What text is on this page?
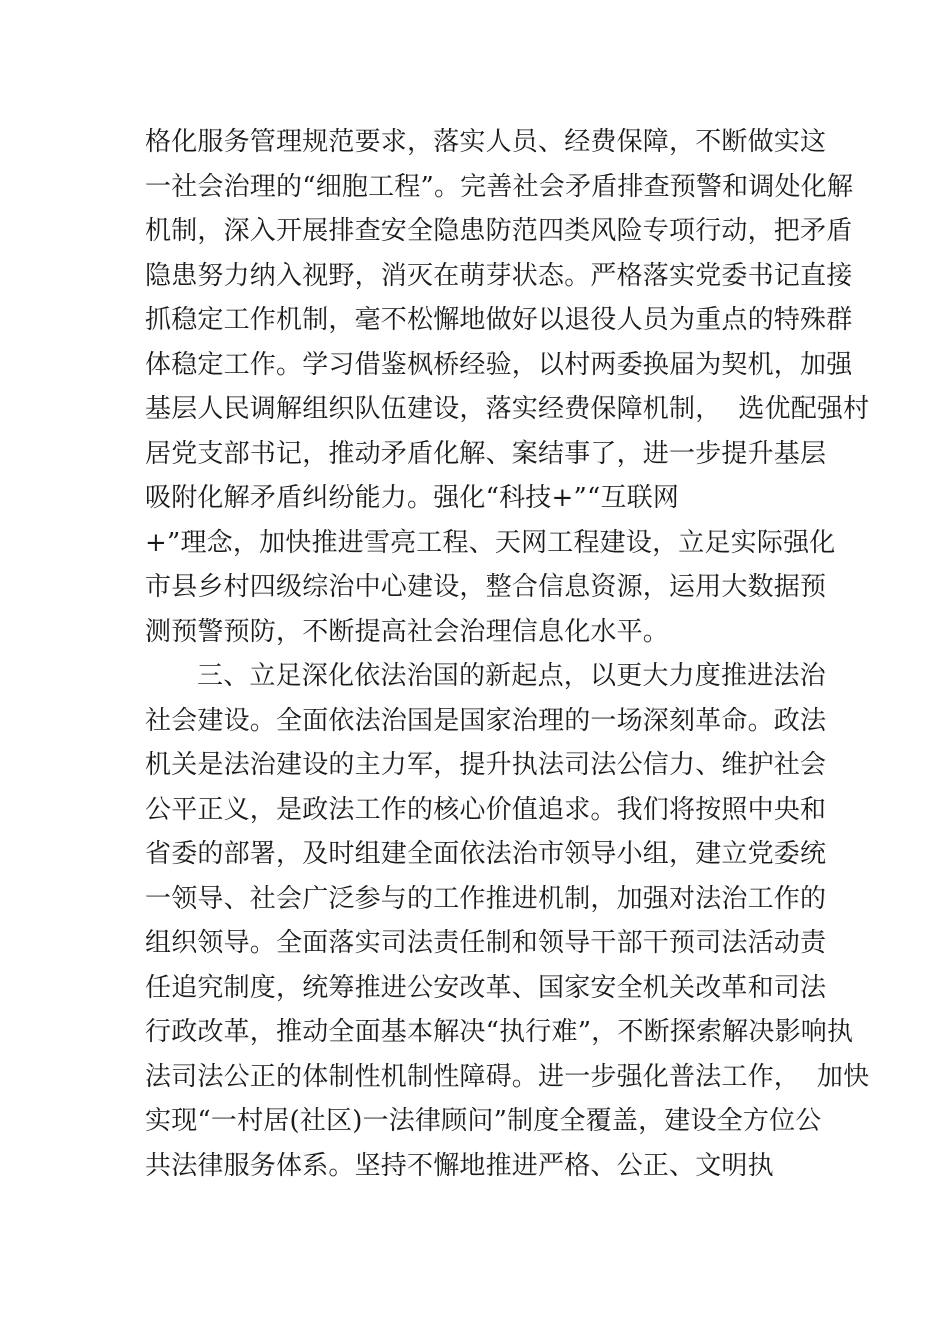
格化服务管理规范要求，落实人员、经费保障，不断做实这
一社会治理的“细胞工程”。完善社会矛盾排查预警和调处化解
机制，深入开展排查安全隐患防范四类风险专项行动，把矛盾
隐患努力纳入视野，消灭在萌芽状态。严格落实党委书记直接
抓稳定工作机制，毫不松懈地做好以退役人员为重点的特殊群
体稳定工作。学习借鉴枫桥经验，以村两委换届为契机，加强
基层人民调解组织队伍建设，落实经费保障机制，  选优配强村
居党支部书记，推动矛盾化解、案结事了，进一步提升基层
吸附化解矛盾纠纷能力。强化“科技+”“互联网
+”理念，加快推进雪亮工程、天网工程建设，立足实际强化
市县乡村四级综治中心建设，整合信息资源，运用大数据预
测预警预防，不断提高社会治理信息化水平。
三、立足深化依法治国的新起点，以更大力度推进法治
社会建设。全面依法治国是国家治理的一场深刻革命。政法
机关是法治建设的主力军，提升执法司法公信力、维护社会
公平正义，是政法工作的核心价值追求。我们将按照中央和
省委的部署，及时组建全面依法治市领导小组，建立党委统
一领导、社会广泛参与的工作推进机制，加强对法治工作的
组织领导。全面落实司法责任制和领导干部干预司法活动责
任追究制度，统筹推进公安改革、国家安全机关改革和司法
行政改革，推动全面基本解决“执行难”，不断探索解决影响执
法司法公正的体制性机制性障碍。进一步强化普法工作，  加快
实现“一村居(社区)一法律顾问”制度全覆盖，建设全方位公
共法律服务体系。坚持不懈地推进严格、公正、文明执
